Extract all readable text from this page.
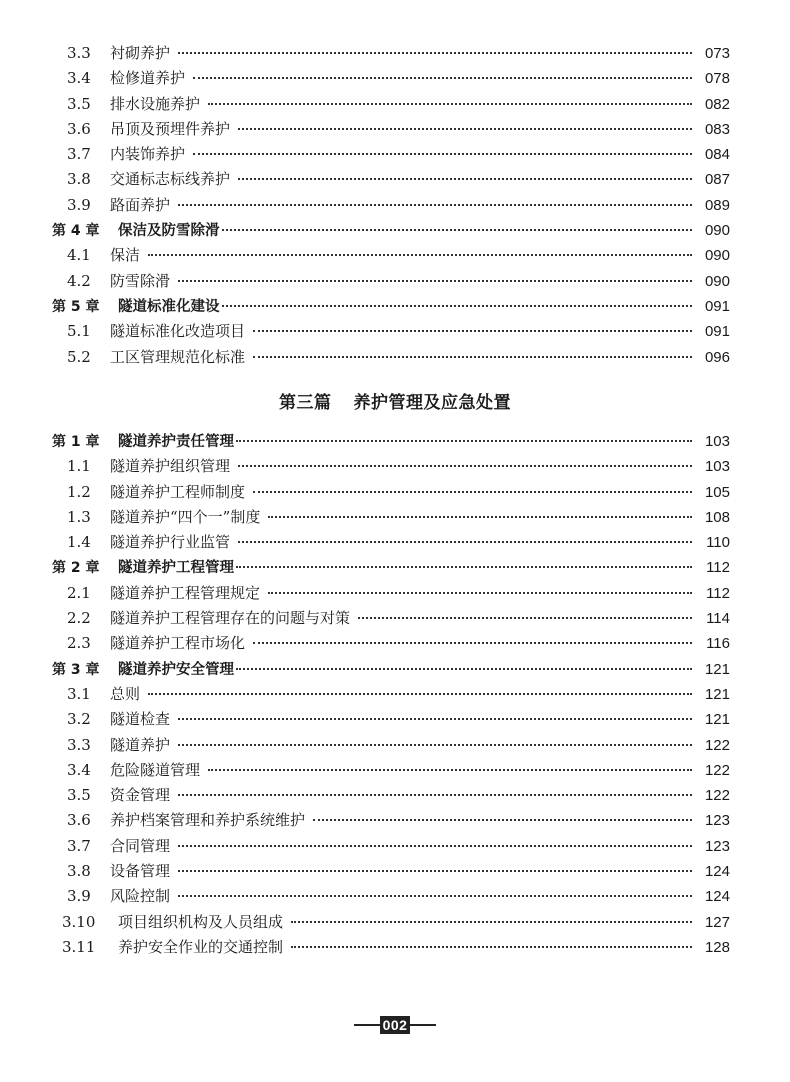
3.3	衬砌养护	073
3.4	检修道养护	078
3.5	排水设施养护	082
3.6	吊顶及预埋件养护	083
3.7	内装饰养护	084
3.8	交通标志标线养护	087
3.9	路面养护	089
第 4 章	保洁及防雪除滑	090
4.1	保洁	090
4.2	防雪除滑	090
第 5 章	隧道标准化建设	091
5.1	隧道标准化改造项目	091
5.2	工区管理规范化标准	096
第三篇 养护管理及应急处置
第 1 章	隧道养护责任管理	103
1.1	隧道养护组织管理	103
1.2	隧道养护工程师制度	105
1.3	隧道养护“四个一”制度	108
1.4	隧道养护行业监管	110
第 2 章	隧道养护工程管理	112
2.1	隧道养护工程管理规定	112
2.2	隧道养护工程管理存在的问题与对策	114
2.3	隧道养护工程市场化	116
第 3 章	隧道养护安全管理	121
3.1	总则	121
3.2	隧道检查	121
3.3	隧道养护	122
3.4	危险隧道管理	122
3.5	资金管理	122
3.6	养护档案管理和养护系统维护	123
3.7	合同管理	123
3.8	设备管理	124
3.9	风险控制	124
3.10	项目组织机构及人员组成	127
3.11	养护安全作业的交通控制	128
002
